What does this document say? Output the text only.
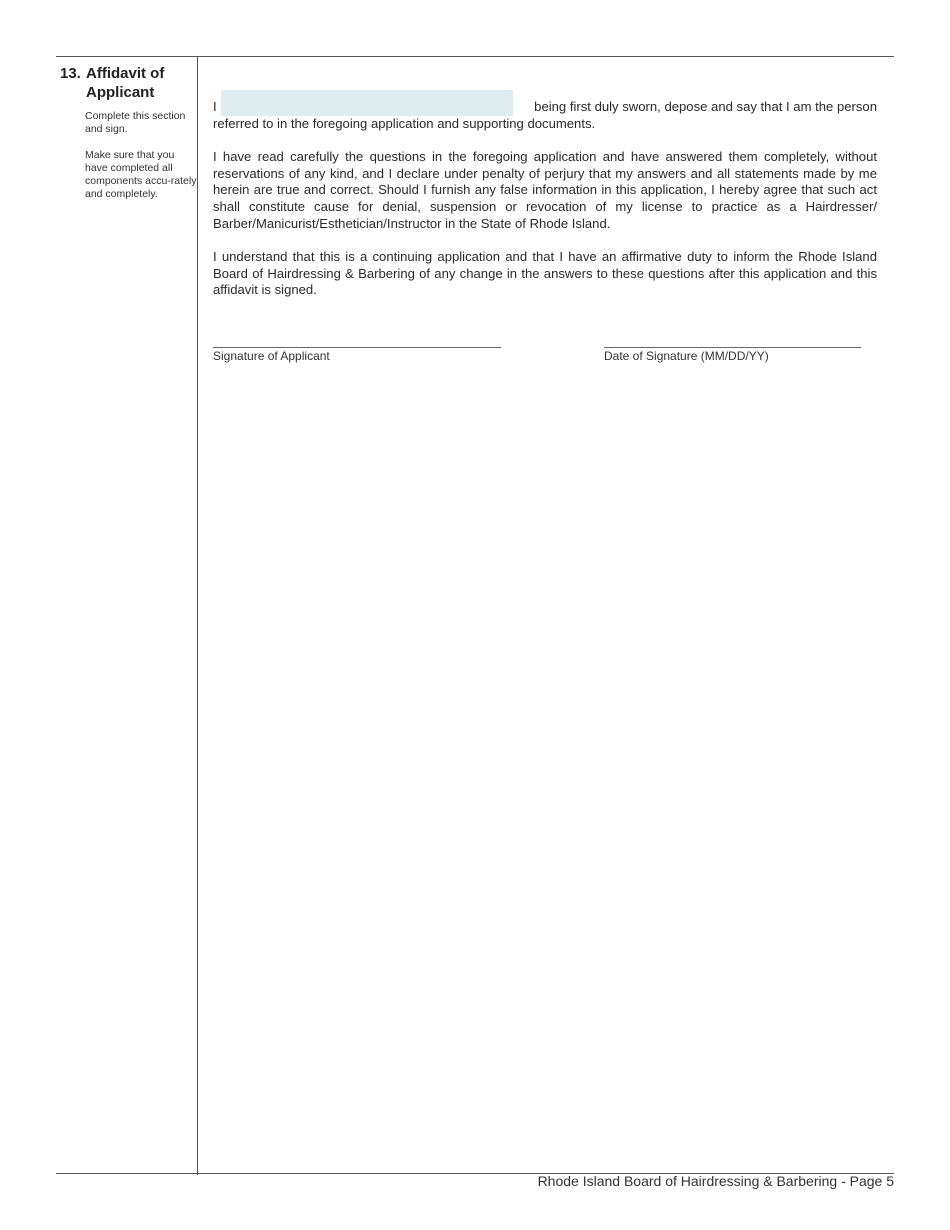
13. Affidavit of Applicant
Complete this section and sign.
Make sure that you have completed all components accu-rately and completely.
I	being first duly sworn, depose and say that I am the person

referred to in the foregoing application and supporting documents.

I have read carefully the questions in the foregoing application and have answered them completely, without reservations of any kind, and I declare under penalty of perjury that my answers and all statements made by me herein are true and correct. Should I furnish any false information in this application, I hereby agree that such act shall constitute cause for denial, suspension or revocation of my license to practice as a Hairdresser/ Barber/Manicurist/Esthetician/Instructor in the State of Rhode Island.

I understand that this is a continuing application and that I have an affirmative duty to inform the Rhode Island Board of Hairdressing & Barbering of any change in the answers to these questions after this application and this affidavit is signed.

Signature of Applicant	Date of Signature (MM/DD/YY)
Rhode Island Board of Hairdressing & Barbering - Page 5
